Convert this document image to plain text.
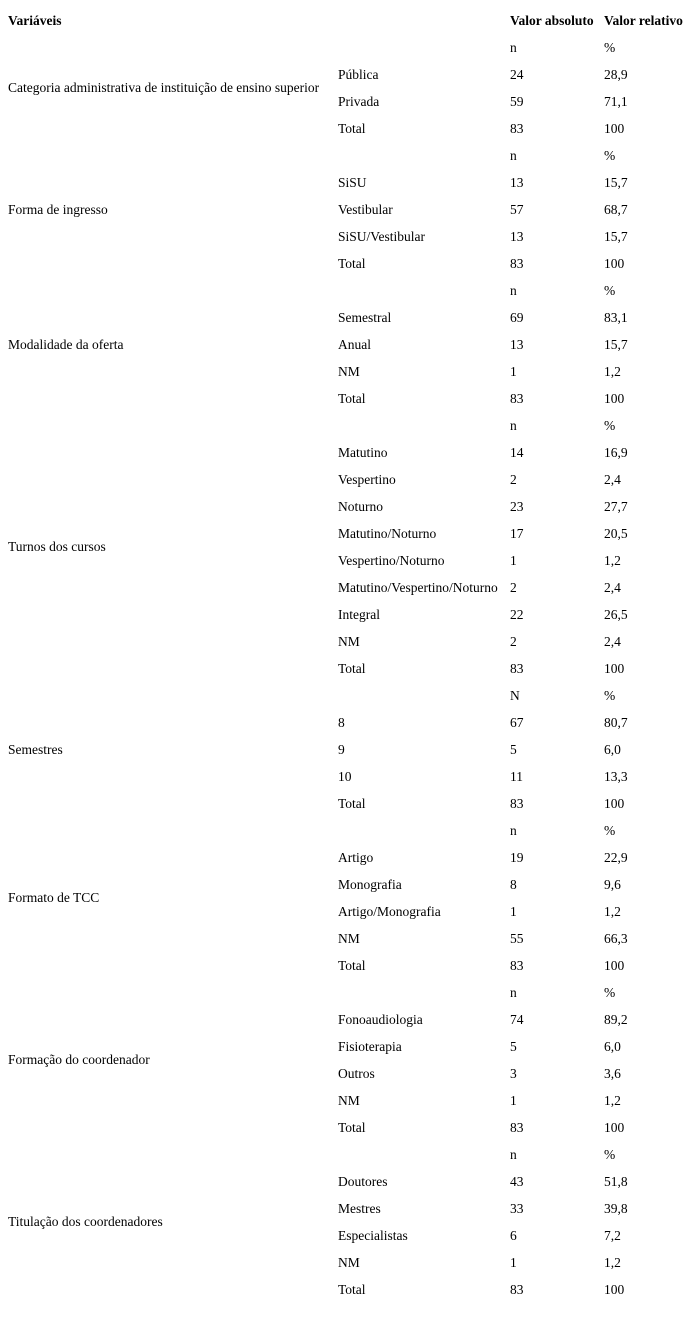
Variáveis		Valor absoluto	Valor relativo
Categoria administrativa de instituição de ensino superior		n	%
	Pública	24	28,9
	Privada	59	71,1
	Total	83	100
Forma de ingresso		n	%
	SiSU	13	15,7
	Vestibular	57	68,7
	SiSU/Vestibular	13	15,7
	Total	83	100
Modalidade da oferta		n	%
	Semestral	69	83,1
	Anual	13	15,7
	NM	1	1,2
	Total	83	100
Turnos dos cursos		n	%
	Matutino	14	16,9
	Vespertino	2	2,4
	Noturno	23	27,7
	Matutino/Noturno	17	20,5
	Vespertino/Noturno	1	1,2
	Matutino/Vespertino/Noturno	2	2,4
	Integral	22	26,5
	NM	2	2,4
	Total	83	100
Semestres		N	%
	8	67	80,7
	9	5	6,0
	10	11	13,3
	Total	83	100
Formato de TCC		n	%
	Artigo	19	22,9
	Monografia	8	9,6
	Artigo/Monografia	1	1,2
	NM	55	66,3
	Total	83	100
Formação do coordenador		n	%
	Fonoaudiologia	74	89,2
	Fisioterapia	5	6,0
	Outros	3	3,6
	NM	1	1,2
	Total	83	100
Titulação dos coordenadores		n	%
	Doutores	43	51,8
	Mestres	33	39,8
	Especialistas	6	7,2
	NM	1	1,2
	Total	83	100
